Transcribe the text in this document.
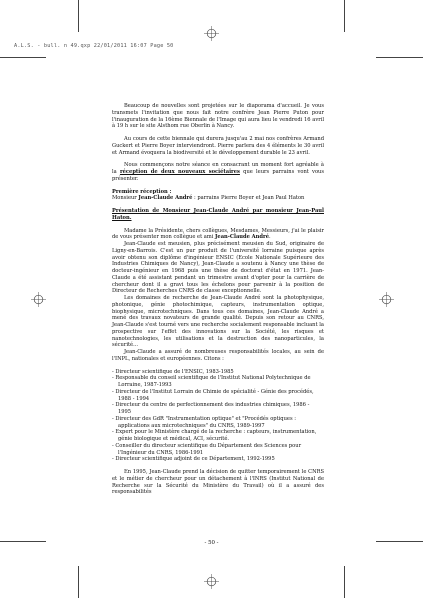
A.L.S. - bull. n 49.qxp 22/01/2011 16:07 Page 50

Beaucoup de nouvelles sont projetées sur le diaporama d'accueil. Je vous transmets l'invitation que nous fait notre confrère Jean Pierre Puton pour l'inauguration de la 16ème Biennale de l'Image qui aura lieu le vendredi 16 avril à 19 h sur le site Alsthom rue Oberlin à Nancy.

Au cours de cette biennale qui durera jusqu'au 2 mai nos confrères Armand Guckert et Pierre Boyer interviendront. Pierre parlera des 4 éléments le 30 avril et Armand évoquera la biodiversité et le développement durable le 23 avril.

Nous commençons notre séance en consacrant un moment fort agréable à la réception de deux nouveaux sociétaires que leurs parrains vont vous présenter.

Première réception :

Monsieur Jean-Claude André : parrains Pierre Boyer et Jean Paul Haton

Présentation de Monsieur Jean-Claude André par monsieur Jean-Paul Haton.

Madame la Présidente, chers collègues, Mesdames, Messieurs, j'ai le plaisir de vous présenter mon collègue et ami Jean-Claude André.

Jean-Claude est meusien, plus précisément meusien du Sud, originaire de Ligny-en-Barrois. C'est un pur produit de l'université lorraine puisque après avoir obtenu son diplôme d'ingénieur ENSIC (Ecole Nationale Supérieure des Industries Chimiques de Nancy), Jean-Claude a soutenu à Nancy une thèse de docteur-ingénieur en 1968 puis une thèse de doctorat d'état en 1971. Jean-Claude a été assistant pendant un trimestre avant d'opter pour la carrière de chercheur dont il a gravi tous les échelons pour parvenir à la position de Directeur de Recherches CNRS de classe exceptionnelle.

Les domaines de recherche de Jean-Claude André sont la photophysique, photonique, génie photochimique, capteurs, instrumentation optique, biophysique, microtechniques. Dans tous ces domaines, Jean-Claude André a mené des travaux novateurs de grande qualité. Depuis son retour au CNRS, Jean-Claude s'est tourné vers une recherche socialement responsable incluant la prospective sur l'effet des innovations sur la Société, les risques et nanotechnologies, les utilisations et la destruction des nanoparticules, la sécurité...

Jean-Claude a assuré de nombreuses responsabilités locales, au sein de l'INPL, nationales et européennes. Citons :

- Directeur scientifique de l'ENSIC, 1983-1985
- Responsable du conseil scientifique de l'Institut National Polytechnique de Lorraine, 1987-1993
- Directeur de l'Institut Lorrain de Chimie de spécialité - Génie des procédés, 1988 - 1994
- Directeur du centre de perfectionnement des industries chimiques, 1986 - 1995
- Directeur des GdR "Instrumentation optique" et "Procédés optiques : applications aux microtechniques" du CNRS, 1989-1997
- Expert pour le Ministère chargé de la recherche : capteurs, instrumentation, génie biologique et médical, ACI, sécurité.
- Conseiller du directeur scientifique du Département des Sciences pour l'Ingénieur du CNRS, 1986-1991
- Directeur scientifique adjoint de ce Département, 1992-1995

En 1995, Jean-Claude prend la décision de quitter temporairement le CNRS et le métier de chercheur pour un détachement à l'INRS (Institut National de Recherche sur la Sécurité du Ministère du Travail) où il a assuré des responsabilités

- 50 -
